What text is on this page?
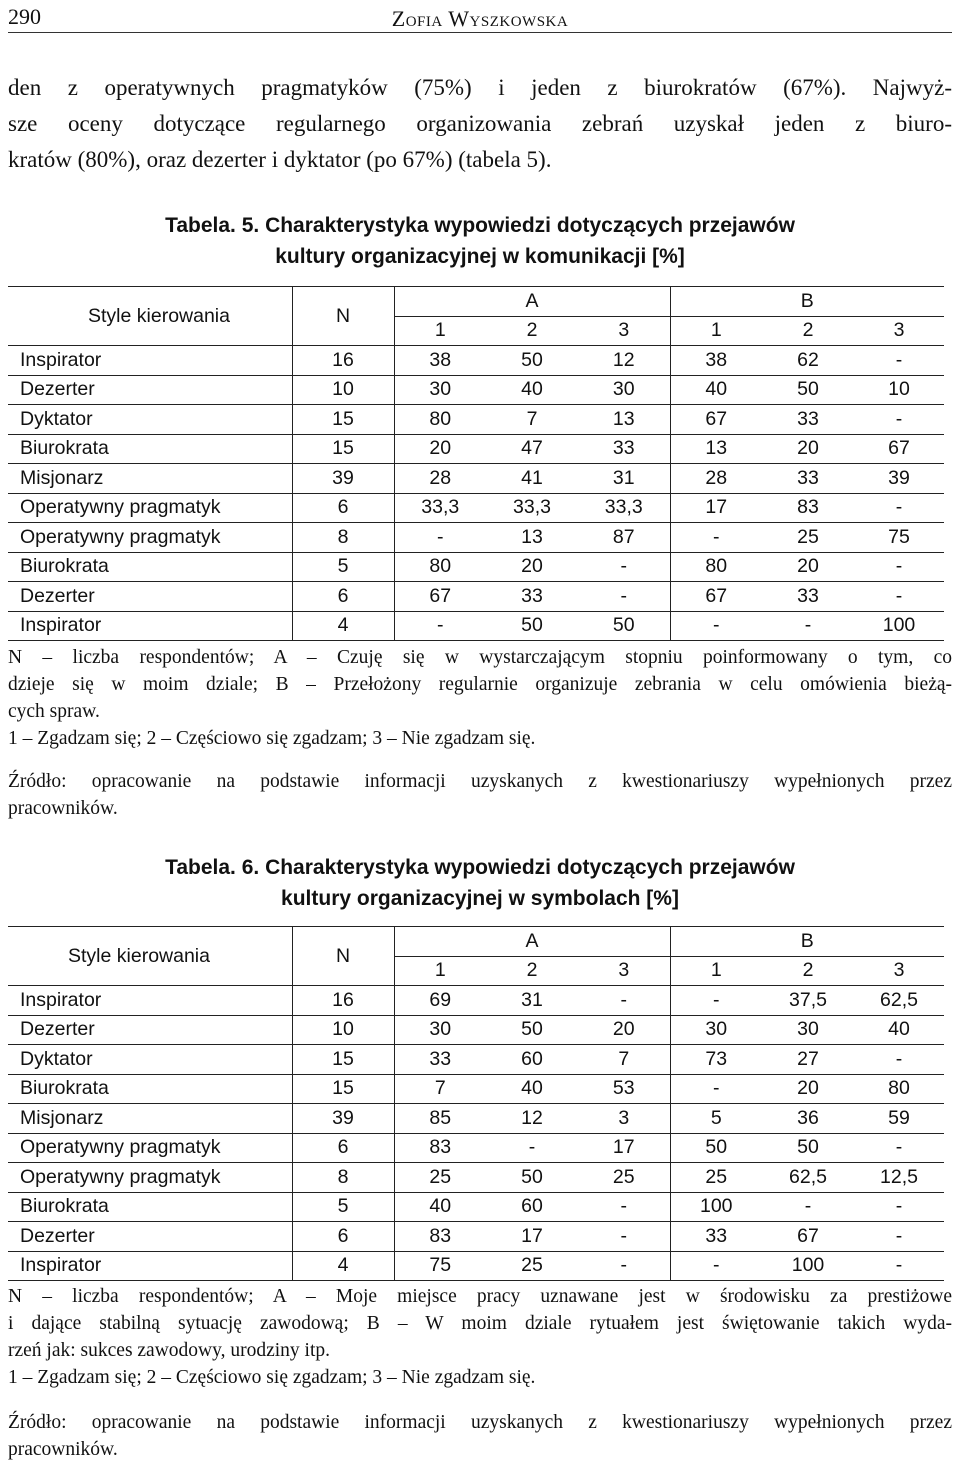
290	Zofia Wyszkowska
den z operatywnych pragmatyków (75%) i jeden z biurokratów (67%). Najwyż-
sze oceny dotyczące regularnego organizowania zebrań uzyskał jeden z biuro-
kratów (80%), oraz dezerter i dyktator (po 67%) (tabela 5).
Tabela. 5. Charakterystyka wypowiedzi dotyczących przejawów
kultury organizacyjnej w komunikacji [%]
Style kierowania	N	A			B		
		1	2	3	1	2	3
Inspirator	16	38	50	12	38	62	-
Dezerter	10	30	40	30	40	50	10
Dyktator	15	80	7	13	67	33	-
Biurokrata	15	20	47	33	13	20	67
Misjonarz	39	28	41	31	28	33	39
Operatywny pragmatyk	6	33,3	33,3	33,3	17	83	-
Operatywny pragmatyk	8	-	13	87	-	25	75
Biurokrata	5	80	20	-	80	20	-
Dezerter	6	67	33	-	67	33	-
Inspirator	4	-	50	50	-	-	100
N – liczba respondentów; A – Czuję się w wystarczającym stopniu poinformowany o tym, co
dzieje się w moim dziale; B – Przełożony regularnie organizuje zebrania w celu omówienia bieżą-
cych spraw.
1 – Zgadzam się; 2 – Częściowo się zgadzam; 3 – Nie zgadzam się.
Źródło: opracowanie na podstawie informacji uzyskanych z kwestionariuszy wypełnionych przez
pracowników.
Tabela. 6. Charakterystyka wypowiedzi dotyczących przejawów
kultury organizacyjnej w symbolach [%]
Style kierowania	N	A			B		
		1	2	3	1	2	3
Inspirator	16	69	31	-	-	37,5	62,5
Dezerter	10	30	50	20	30	30	40
Dyktator	15	33	60	7	73	27	-
Biurokrata	15	7	40	53	-	20	80
Misjonarz	39	85	12	3	5	36	59
Operatywny pragmatyk	6	83	-	17	50	50	-
Operatywny pragmatyk	8	25	50	25	25	62,5	12,5
Biurokrata	5	40	60	-	100	-	-
Dezerter	6	83	17	-	33	67	-
Inspirator	4	75	25	-	-	100	-
N – liczba respondentów; A – Moje miejsce pracy uznawane jest w środowisku za prestiżowe
i dające stabilną sytuację zawodową; B – W moim dziale rytuałem jest świętowanie takich wyda-
rzeń jak: sukces zawodowy, urodziny itp.
1 – Zgadzam się; 2 – Częściowo się zgadzam; 3 – Nie zgadzam się.
Źródło: opracowanie na podstawie informacji uzyskanych z kwestionariuszy wypełnionych przez
pracowników.
